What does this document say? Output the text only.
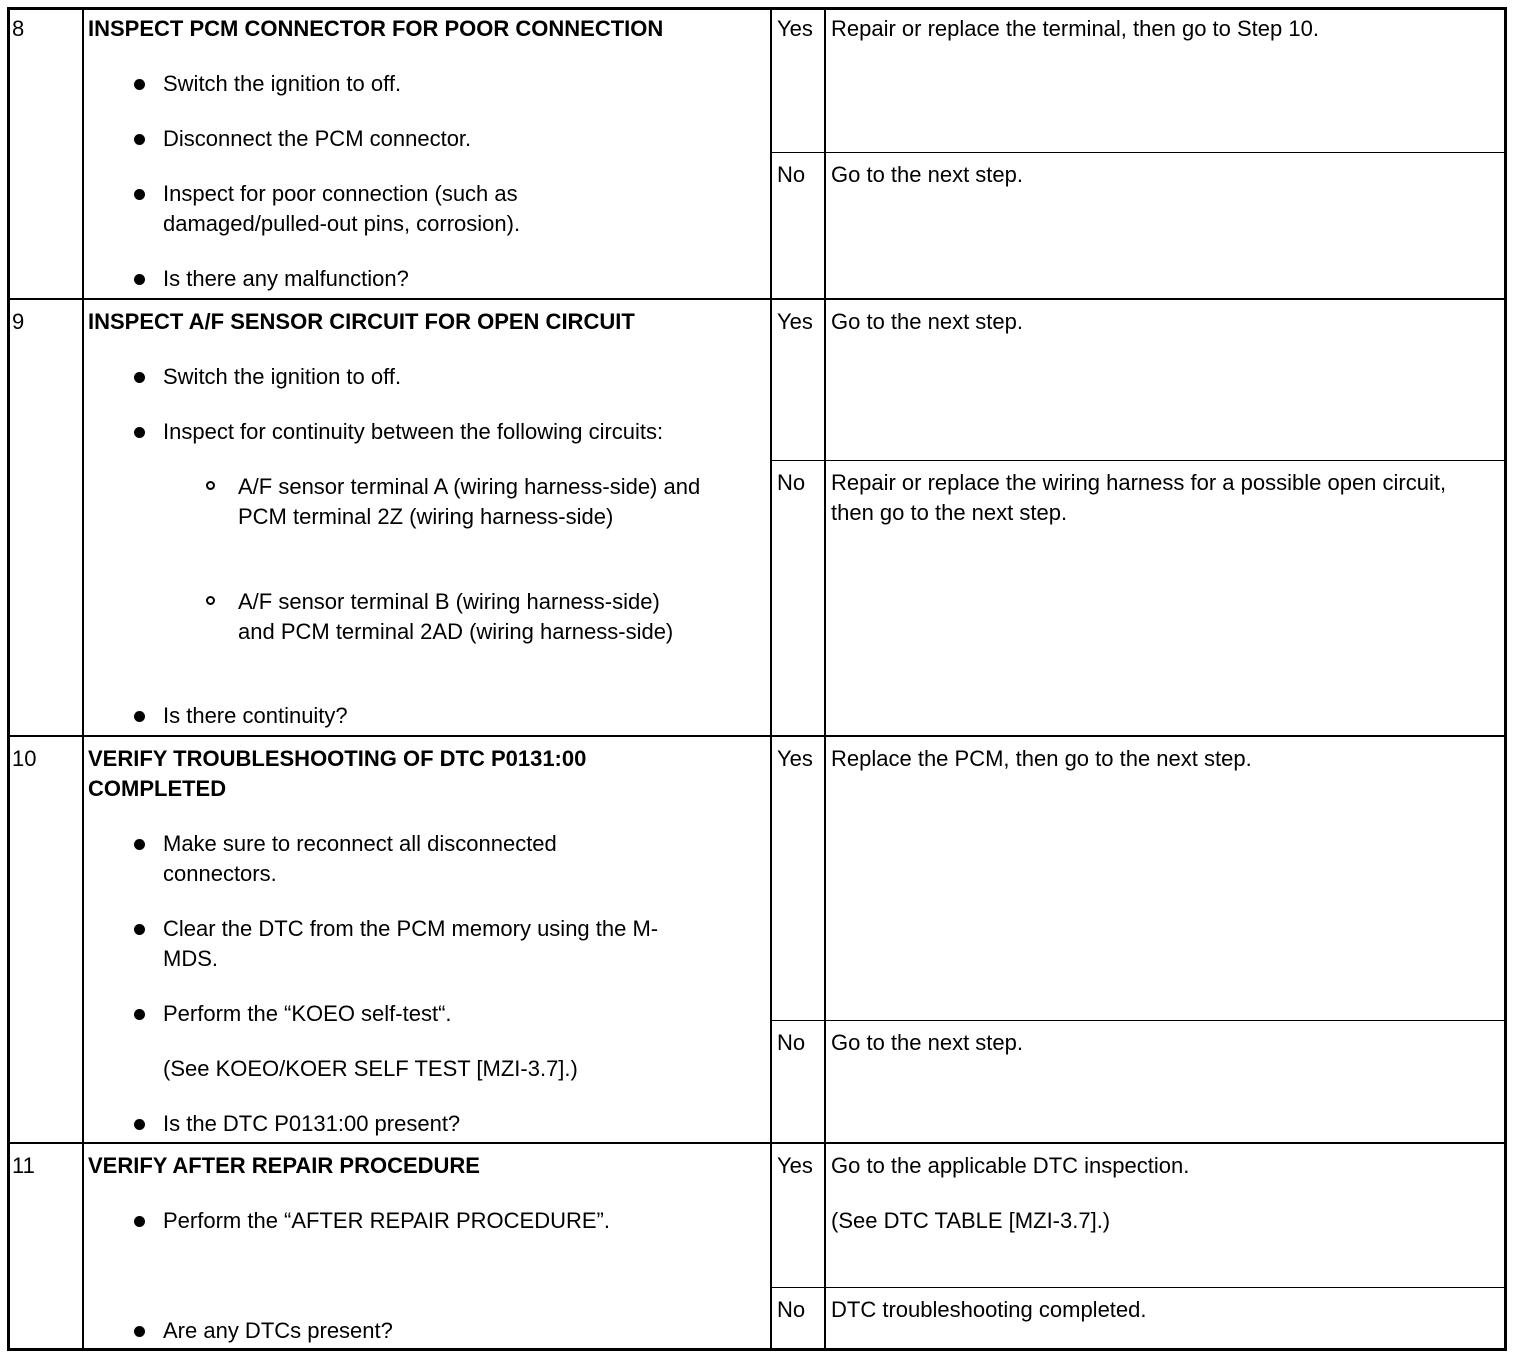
8	INSPECT PCM CONNECTOR FOR POOR CONNECTION
Switch the ignition to off.
Disconnect the PCM connector.
Inspect for poor connection (such as damaged/pulled-out pins, corrosion).
Is there any malfunction?
Yes Repair or replace the terminal, then go to Step 10.
No Go to the next step.
9	INSPECT A/F SENSOR CIRCUIT FOR OPEN CIRCUIT
Switch the ignition to off.
Inspect for continuity between the following circuits:
A/F sensor terminal A (wiring harness-side) and PCM terminal 2Z (wiring harness-side)
A/F sensor terminal B (wiring harness-side) and PCM terminal 2AD (wiring harness-side)
Is there continuity?
Yes Go to the next step.
No Repair or replace the wiring harness for a possible open circuit, then go to the next step.
10 VERIFY TROUBLESHOOTING OF DTC P0131:00 COMPLETED
Make sure to reconnect all disconnected connectors.
Clear the DTC from the PCM memory using the M-MDS.
Perform the “KOEO self-test“.
(See KOEO/KOER SELF TEST [MZI-3.7].)
Is the DTC P0131:00 present?
Yes Replace the PCM, then go to the next step.
No Go to the next step.
11 VERIFY AFTER REPAIR PROCEDURE
Perform the “AFTER REPAIR PROCEDURE”.
Are any DTCs present?
Yes Go to the applicable DTC inspection.
(See DTC TABLE [MZI-3.7].)
No DTC troubleshooting completed.
